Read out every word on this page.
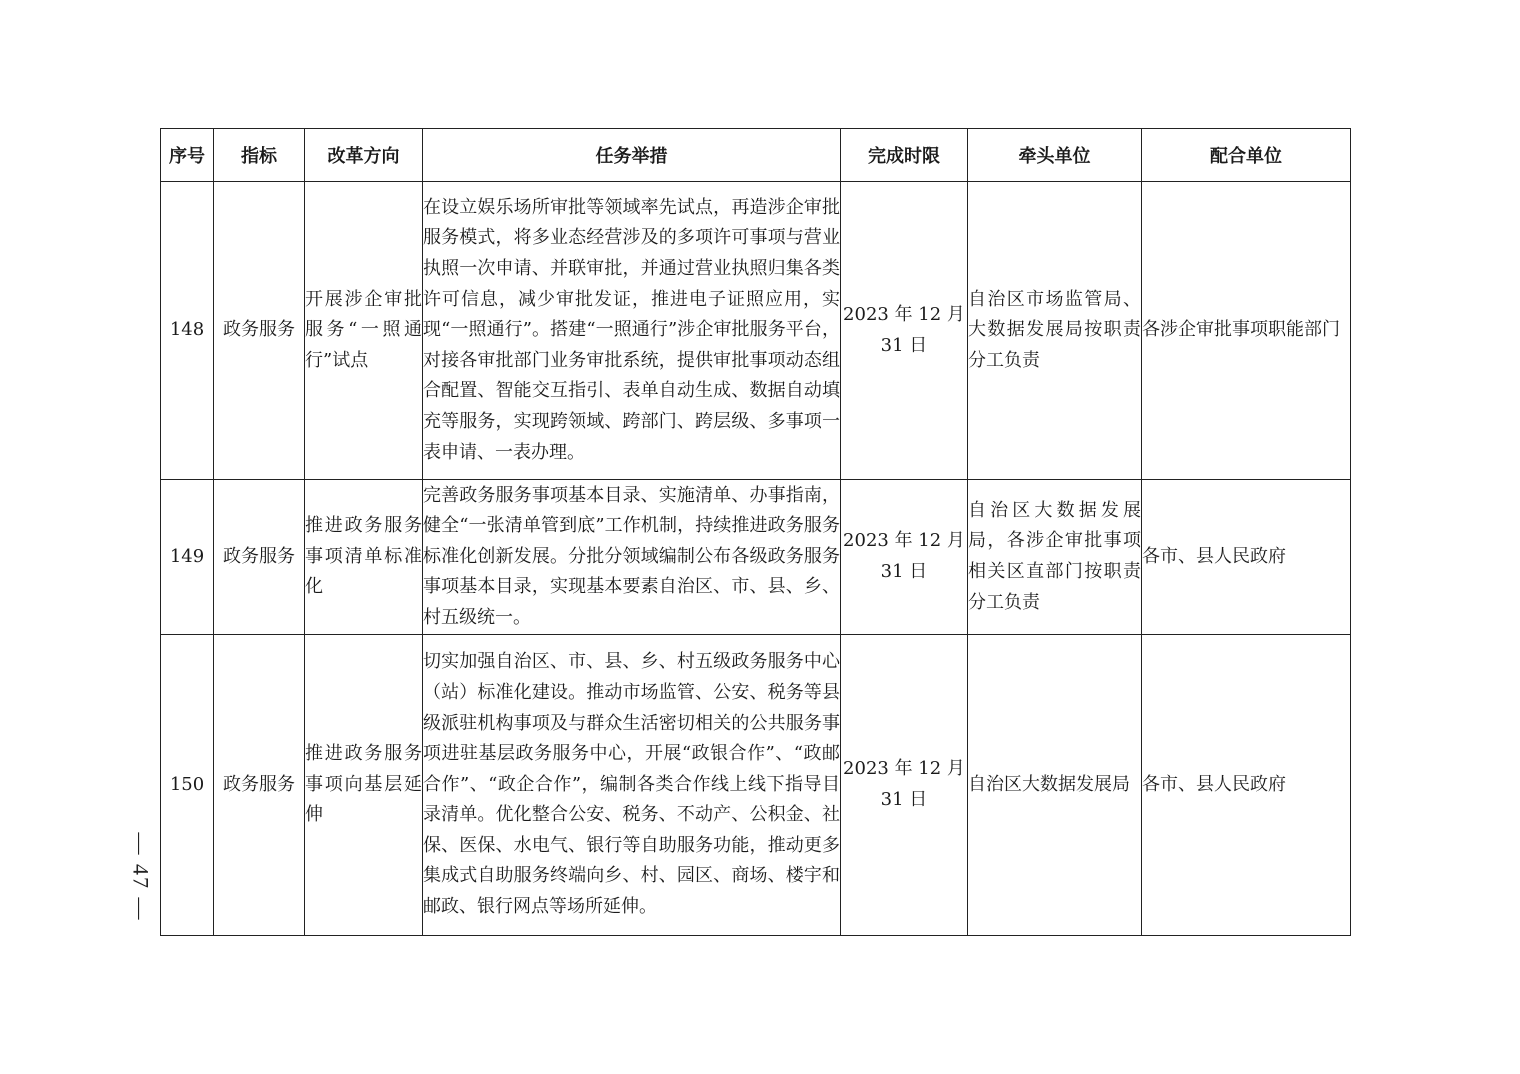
序号	指标	改革方向	任务举措	完成时限	牵头单位	配合单位
148	政务服务	开展涉企审批服务“一照通行”试点	在设立娱乐场所审批等领域率先试点，再造涉企审批服务模式，将多业态经营涉及的多项许可事项与营业执照一次申请、并联审批，并通过营业执照归集各类许可信息，减少审批发证，推进电子证照应用，实现“一照通行”。搭建“一照通行”涉企审批服务平台，对接各审批部门业务审批系统，提供审批事项动态组合配置、智能交互指引、表单自动生成、数据自动填充等服务，实现跨领域、跨部门、跨层级、多事项一表申请、一表办理。	2023 年 12 月 31 日	自治区市场监管局、大数据发展局按职责分工负责	各涉企审批事项职能部门
149	政务服务	推进政务服务事项清单标准化	完善政务服务事项基本目录、实施清单、办事指南，健全“一张清单管到底”工作机制，持续推进政务服务标准化创新发展。分批分领域编制公布各级政务服务事项基本目录，实现基本要素自治区、市、县、乡、村五级统一。	2023 年 12 月 31 日	自治区大数据发展局，各涉企审批事项相关区直部门按职责分工负责	各市、县人民政府
150	政务服务	推进政务服务事项向基层延伸	切实加强自治区、市、县、乡、村五级政务服务中心（站）标准化建设。推动市场监管、公安、税务等县级派驻机构事项及与群众生活密切相关的公共服务事项进驻基层政务服务中心，开展“政银合作”、“政邮合作”、“政企合作”，编制各类合作线上线下指导目录清单。优化整合公安、税务、不动产、公积金、社保、医保、水电气、银行等自助服务功能，推动更多集成式自助服务终端向乡、村、园区、商场、楼宇和邮政、银行网点等场所延伸。	2023 年 12 月 31 日	自治区大数据发展局	各市、县人民政府
— 47 —
